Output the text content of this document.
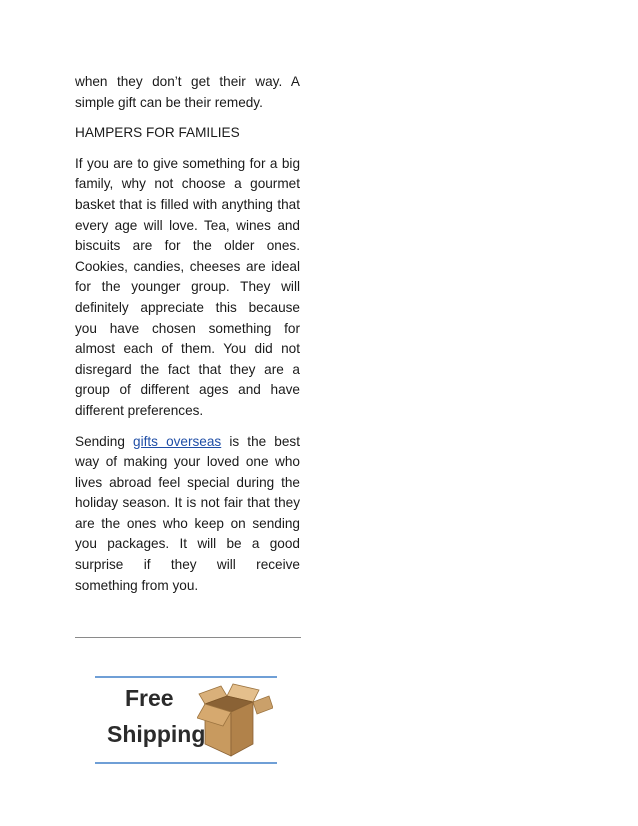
when they don’t get their way. A simple gift can be their remedy.

HAMPERS FOR FAMILIES

If you are to give something for a big family, why not choose a gourmet basket that is filled with anything that every age will love. Tea, wines and biscuits are for the older ones. Cookies, candies, cheeses are ideal for the younger group. They will definitely appreciate this because you have chosen something for almost each of them. You did not disregard the fact that they are a group of different ages and have different preferences.

Sending gifts overseas is the best way of making your loved one who lives abroad feel special during the holiday season. It is not fair that they are the ones who keep on sending you packages. It will be a good surprise if they will receive something from you.

Free
Shipping
